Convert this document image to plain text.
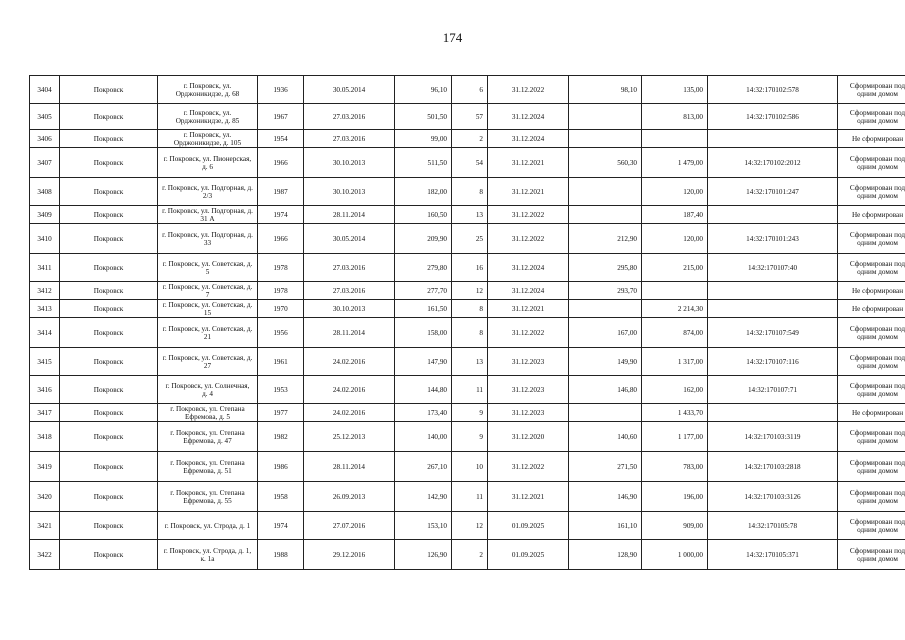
174
3404	Покровск	г. Покровск, ул. Орджоникидзе, д. 68	1936	30.05.2014	96,10	6	31.12.2022	98,10	135,00	14:32:170102:578	Сформирован под одним домом
3405	Покровск	г. Покровск, ул. Орджоникидзе, д. 85	1967	27.03.2016	501,50	57	31.12.2024		813,00	14:32:170102:586	Сформирован под одним домом
3406	Покровск	г. Покровск, ул. Орджоникидзе, д. 105	1954	27.03.2016	99,00	2	31.12.2024				Не сформирован
3407	Покровск	г. Покровск, ул. Пионерская, д. 6	1966	30.10.2013	511,50	54	31.12.2021	560,30	1 479,00	14:32:170102:2012	Сформирован под одним домом
3408	Покровск	г. Покровск, ул. Подгорная, д. 2/3	1987	30.10.2013	182,00	8	31.12.2021		120,00	14:32:170101:247	Сформирован под одним домом
3409	Покровск	г. Покровск, ул. Подгорная, д. 31 А	1974	28.11.2014	160,50	13	31.12.2022		187,40		Не сформирован
3410	Покровск	г. Покровск, ул. Подгорная, д. 33	1966	30.05.2014	209,90	25	31.12.2022	212,90	120,00	14:32:170101:243	Сформирован под одним домом
3411	Покровск	г. Покровск, ул. Советская, д. 5	1978	27.03.2016	279,80	16	31.12.2024	295,80	215,00	14:32:170107:40	Сформирован под одним домом
3412	Покровск	г. Покровск, ул. Советская, д. 7	1978	27.03.2016	277,70	12	31.12.2024	293,70			Не сформирован
3413	Покровск	г. Покровск, ул. Советская, д. 15	1970	30.10.2013	161,50	8	31.12.2021		2 214,30		Не сформирован
3414	Покровск	г. Покровск, ул. Советская, д. 21	1956	28.11.2014	158,00	8	31.12.2022	167,00	874,00	14:32:170107:549	Сформирован под одним домом
3415	Покровск	г. Покровск, ул. Советская, д. 27	1961	24.02.2016	147,90	13	31.12.2023	149,90	1 317,00	14:32:170107:116	Сформирован под одним домом
3416	Покровск	г. Покровск, ул. Солнечная, д. 4	1953	24.02.2016	144,80	11	31.12.2023	146,80	162,00	14:32:170107:71	Сформирован под одним домом
3417	Покровск	г. Покровск, ул. Степана Ефремова, д. 5	1977	24.02.2016	173,40	9	31.12.2023		1 433,70		Не сформирован
3418	Покровск	г. Покровск, ул. Степана Ефремова, д. 47	1982	25.12.2013	140,00	9	31.12.2020	140,60	1 177,00	14:32:170103:3119	Сформирован под одним домом
3419	Покровск	г. Покровск, ул. Степана Ефремова, д. 51	1986	28.11.2014	267,10	10	31.12.2022	271,50	783,00	14:32:170103:2818	Сформирован под одним домом
3420	Покровск	г. Покровск, ул. Степана Ефремова, д. 55	1958	26.09.2013	142,90	11	31.12.2021	146,90	196,00	14:32:170103:3126	Сформирован под одним домом
3421	Покровск	г. Покровск, ул. Строда, д. 1	1974	27.07.2016	153,10	12	01.09.2025	161,10	909,00	14:32:170105:78	Сформирован под одним домом
3422	Покровск	г. Покровск, ул. Строда, д. 1, к. 1а	1988	29.12.2016	126,90	2	01.09.2025	128,90	1 000,00	14:32:170105:371	Сформирован под одним домом
